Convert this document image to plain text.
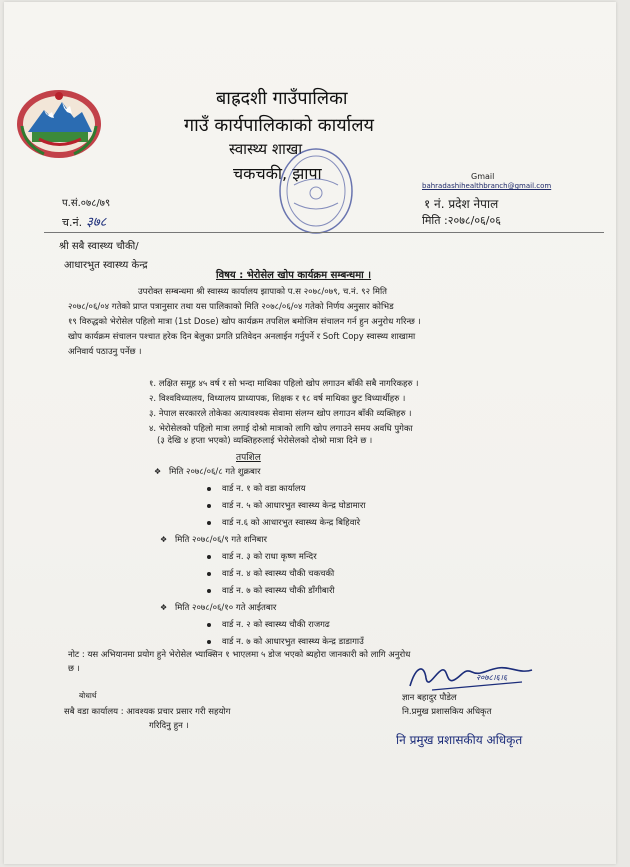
बाह्रदशी गाउँपालिका
गाउँ कार्यपालिकाको कार्यालय
स्वास्थ्य शाखा
चकचकी, झापा	Gmail
bahradashihealthbranch@gmail.com
प.सं.०७८/७९
च.नं. ३७८
१ नं. प्रदेश नेपाल
मिति :२०७८/०६/०६
श्री सबै स्वास्थ्य चौकी/
आधारभुत स्वास्थ्य केन्द्र
विषय : भेरोसेल खोप कार्यक्रम सम्बन्धमा ।
उपरोक्त सम्बन्धमा श्री स्वास्थ्य कार्यालय झापाको प.स २०७८/०७९, च.नं. ९२ मिति
२०७८/०६/०४ गतेको प्राप्त पत्रानुसार तथा यस पालिकाको मिति २०७८/०६/०४ गतेको निर्णय अनुसार कोभिड
१९ विरुद्धको भेरोसेल पहिलो मात्रा (1st Dose) खोप कार्यक्रम तपशिल बमोजिम संचालन गर्न हुन अनुरोध गरिन्छ ।
खोप कार्यक्रम संचालन पश्चात हरेक दिन बेलुका प्रगति प्रतिवेदन अनलाईन गर्नुपर्ने र Soft Copy स्वास्थ्य शाखामा
अनिवार्य पठाउनु पर्नेछ ।
१. लक्षित समूह ४५ वर्ष र सो भन्दा माथिका पहिलो खोप लगाउन बाँकी सबै नागरिकहरु ।
२. विश्वविध्यालय, विध्यालय प्राध्यापक, शिक्षक र १८ वर्ष माथिका छुट विध्यार्थीहरु ।
३. नेपाल सरकारले तोकेका अत्यावश्यक सेवामा संलग्न खोप लगाउन बाँकी व्यक्तिहरु ।
४. भेरोसेलको पहिलो मात्रा लगाई दोश्रो मात्राको लागि खोप लगाउने समय अवधि पुगेका
(३ देखि ४ हप्ता भएको) व्यक्तिहरुलाई भेरोसेलको दोश्रो मात्रा दिने छ ।
तपशिल
❖ मिति २०७८/०६/८ गते शुक्रबार
वार्ड न. १ को वडा कार्यालय
वार्ड न. ५ को आधारभुत स्वास्थ्य केन्द्र घोडामारा
वार्ड न.६ को आधारभुत स्वास्थ्य केन्द्र बिहिवारे
❖ मिति २०७८/०६/९ गते शनिबार
वार्ड न. ३ को राधा कृष्ण मन्दिर
वार्ड न. ४ को स्वास्थ्य चौकी चकचकी
वार्ड न. ७ को स्वास्थ्य चौकी डाँगीबारी
❖ मिति २०७८/०६/१० गते आईतबार
वार्ड न. २ को स्वास्थ्य चौकी राजगढ
वार्ड न. ७ को आधारभुत स्वास्थ्य केन्द्र डाडागाउँ
नोट : यस अभियानमा प्रयोग हुने भेरोसेल भ्याक्सिन १ भाएलमा ५ डोज भएको ब्यहोरा जानकारी को लागि अनुरोध
छ ।
२०७८।६।६
बोधार्थ
सबै वडा कार्यालय : आवश्यक प्रचार प्रसार गरी सहयोग
गरिदिनु हुन ।
ज्ञान बहादुर पौडेल
नि.प्रमुख प्रशासकिय अधिकृत
नि प्रमुख प्रशासकीय अधिकृत
